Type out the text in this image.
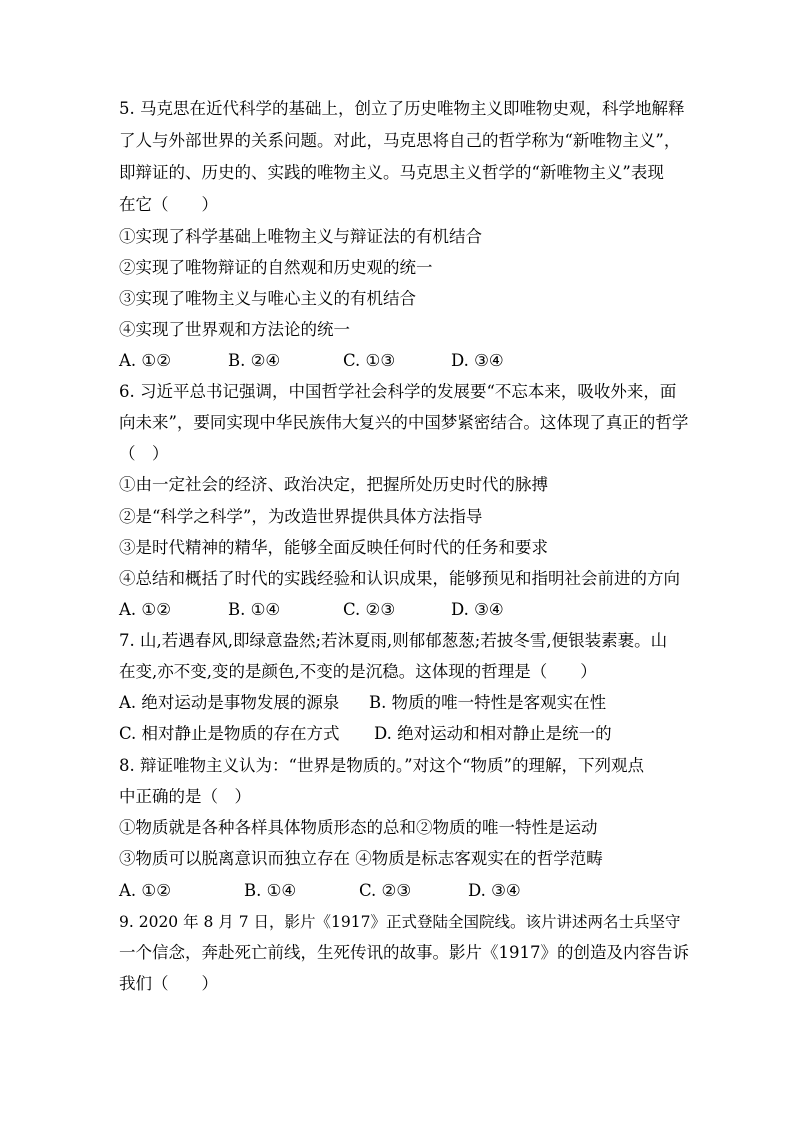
5. 马克思在近代科学的基础上，创立了历史唯物主义即唯物史观，科学地解释
了人与外部世界的关系问题。对此，马克思将自己的哲学称为“新唯物主义”，
即辩证的、历史的、实践的唯物主义。马克思主义哲学的“新唯物主义”表现
在它（　　）
①实现了科学基础上唯物主义与辩证法的有机结合
②实现了唯物辩证的自然观和历史观的统一
③实现了唯物主义与唯心主义的有机结合
④实现了世界观和方法论的统一
A. ①②	B. ②④	C. ①③	D. ③④
6. 习近平总书记强调，中国哲学社会科学的发展要“不忘本来，吸收外来，面
向未来”，要同实现中华民族伟大复兴的中国梦紧密结合。这体现了真正的哲学
（　）
①由一定社会的经济、政治决定，把握所处历史时代的脉搏
②是“科学之科学”，为改造世界提供具体方法指导
③是时代精神的精华，能够全面反映任何时代的任务和要求
④总结和概括了时代的实践经验和认识成果，能够预见和指明社会前进的方向
A. ①②	B. ①④	C. ②③	D. ③④
7. 山,若遇春风,即绿意盎然;若沐夏雨,则郁郁葱葱;若披冬雪,便银装素裹。山
在变,亦不变,变的是颜色,不变的是沉稳。这体现的哲理是（　　）
A. 绝对运动是事物发展的源泉 B. 物质的唯一特性是客观实在性
C. 相对静止是物质的存在方式 D. 绝对运动和相对静止是统一的
8. 辩证唯物主义认为：“世界是物质的。”对这个“物质”的理解，下列观点
中正确的是（　）
①物质就是各种各样具体物质形态的总和②物质的唯一特性是运动
③物质可以脱离意识而独立存在 ④物质是标志客观实在的哲学范畴
A. ①②	B. ①④	C. ②③	D. ③④
9. 2020 年 8 月 7 日，影片《1917》正式登陆全国院线。该片讲述两名士兵坚守
一个信念，奔赴死亡前线，生死传讯的故事。影片《1917》的创造及内容告诉
我们（　　）
